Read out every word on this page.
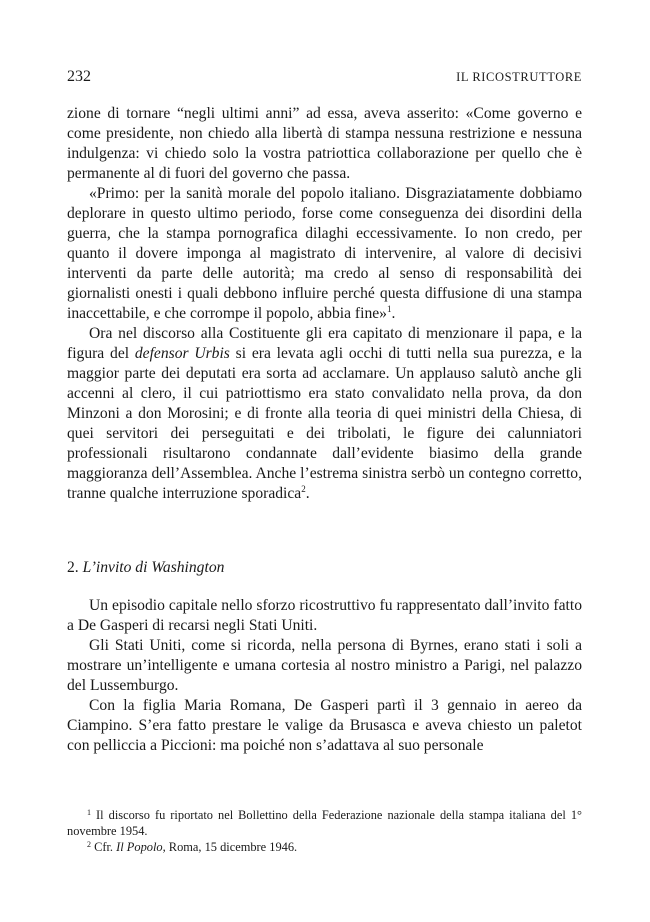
232	IL RICOSTRUTTORE

zione di tornare “negli ultimi anni” ad essa, aveva asserito: «Come governo e come presidente, non chiedo alla libertà di stampa nessuna restrizione e nessuna indulgenza: vi chiedo solo la vostra patriottica collaborazione per quello che è permanente al di fuori del governo che passa.

«Primo: per la sanità morale del popolo italiano. Disgraziatamente dobbiamo deplorare in questo ultimo periodo, forse come conseguenza dei disordini della guerra, che la stampa pornografica dilaghi eccessivamente. Io non credo, per quanto il dovere imponga al magistrato di intervenire, al valore di decisivi interventi da parte delle autorità; ma credo al senso di responsabilità dei giornalisti onesti i quali debbono influire perché questa diffusione di una stampa inaccettabile, e che corrompe il popolo, abbia fine»$^1$.

Ora nel discorso alla Costituente gli era capitato di menzionare il papa, e la figura del defensor Urbis si era levata agli occhi di tutti nella sua purezza, e la maggior parte dei deputati era sorta ad acclamare. Un applauso salutò anche gli accenni al clero, il cui patriottismo era stato convalidato nella prova, da don Minzoni a don Morosini; e di fronte alla teoria di quei ministri della Chiesa, di quei servitori dei perseguitati e dei tribolati, le figure dei calunniatori professionali risultarono condannate dall’evidente biasimo della grande maggioranza dell’Assemblea. Anche l’estrema sinistra serbò un contegno corretto, tranne qualche interruzione sporadica$^2$.

2. L’invito di Washington

Un episodio capitale nello sforzo ricostruttivo fu rappresentato dall’invito fatto a De Gasperi di recarsi negli Stati Uniti.

Gli Stati Uniti, come si ricorda, nella persona di Byrnes, erano stati i soli a mostrare un’intelligente e umana cortesia al nostro ministro a Parigi, nel palazzo del Lussemburgo.

Con la figlia Maria Romana, De Gasperi partì il 3 gennaio in aereo da Ciampino. S’era fatto prestare le valige da Brusasca e aveva chiesto un paletot con pelliccia a Piccioni: ma poiché non s’adattava al suo personale

$^1$ Il discorso fu riportato nel Bollettino della Federazione nazionale della stampa italiana del 1° novembre 1954.

$^2$ Cfr. Il Popolo, Roma, 15 dicembre 1946.
